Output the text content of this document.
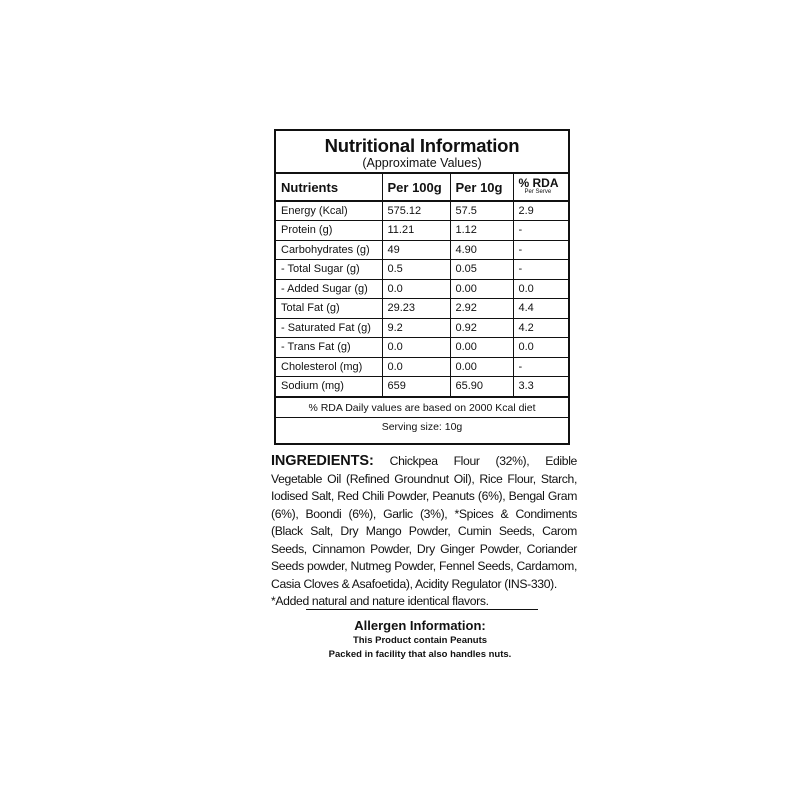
Nutritional Information
(Approximate Values)
Nutrients	Per 100g	Per 10g	% RDA
Per Serve

Energy (Kcal)	575.12	57.5	2.9
Protein (g)	11.21	1.12	-
Carbohydrates (g)	49	4.90	-
- Total Sugar (g)	0.5	0.05	-
- Added Sugar (g)	0.0	0.00	0.0
Total Fat (g)	29.23	2.92	4.4
- Saturated Fat (g)	9.2	0.92	4.2
- Trans Fat (g)	0.0	0.00	0.0
Cholesterol (mg)	0.0	0.00	-
Sodium (mg)	659	65.90	3.3
% RDA Daily values are based on 2000 Kcal diet
Serving size: 10g
INGREDIENTS: Chickpea Flour (32%), Edible Vegetable Oil (Refined Groundnut Oil), Rice Flour, Starch, Iodised Salt, Red Chili Powder, Peanuts (6%), Bengal Gram (6%), Boondi (6%), Garlic (3%), *Spices & Condiments (Black Salt, Dry Mango Powder, Cumin Seeds, Carom Seeds, Cinnamon Powder, Dry Ginger Powder, Coriander Seeds powder, Nutmeg Powder, Fennel Seeds, Cardamom, Casia Cloves & Asafoetida), Acidity Regulator (INS-330).
*Added natural and nature identical flavors.
Allergen Information:
This Product contain Peanuts
Packed in facility that also handles nuts.
